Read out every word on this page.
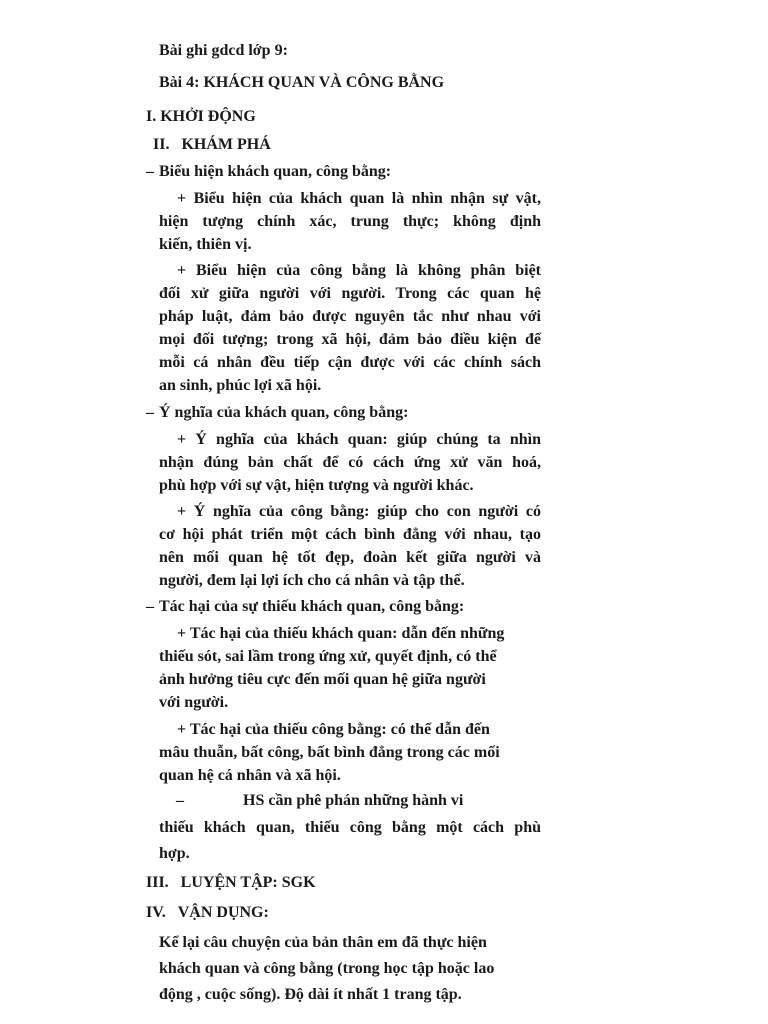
Bài ghi gdcd lớp 9:
Bài 4: KHÁCH QUAN VÀ CÔNG BẰNG
I. KHỞI ĐỘNG
II.   KHÁM PHÁ
– Biểu hiện khách quan, công bằng:
+ Biểu hiện của khách quan là nhìn nhận sự vật,
hiện tượng chính xác, trung thực; không định
kiến, thiên vị.
+ Biểu hiện của công bằng là không phân biệt
đối xử giữa người với người. Trong các quan hệ
pháp luật, đảm bảo được nguyên tắc như nhau với
mọi đối tượng; trong xã hội, đảm bảo điều kiện để
mỗi cá nhân đều tiếp cận được với các chính sách
an sinh, phúc lợi xã hội.
– Ý nghĩa của khách quan, công bằng:
+ Ý nghĩa của khách quan: giúp chúng ta nhìn
nhận đúng bản chất để có cách ứng xử văn hoá,
phù hợp với sự vật, hiện tượng và người khác.
+ Ý nghĩa của công bằng: giúp cho con người có
cơ hội phát triển một cách bình đẳng với nhau, tạo
nên mối quan hệ tốt đẹp, đoàn kết giữa người và
người, đem lại lợi ích cho cá nhân và tập thể.
– Tác hại của sự thiếu khách quan, công bằng:
+ Tác hại của thiếu khách quan: dẫn đến những
thiếu sót, sai lầm trong ứng xử, quyết định, có thể
ảnh hưởng tiêu cực đến mối quan hệ giữa người
với người.
+ Tác hại của thiếu công bằng: có thể dẫn đến
mâu thuẫn, bất công, bất bình đẳng trong các mối
quan hệ cá nhân và xã hội.
–	HS cần phê phán những hành vi
thiếu khách quan, thiếu công bằng một cách phù
hợp.
III.   LUYỆN TẬP: SGK
IV.   VẬN DỤNG:
Kể lại câu chuyện của bản thân em đã thực hiện
khách quan và công bằng (trong học tập hoặc lao
động , cuộc sống). Độ dài ít nhất 1 trang tập.
